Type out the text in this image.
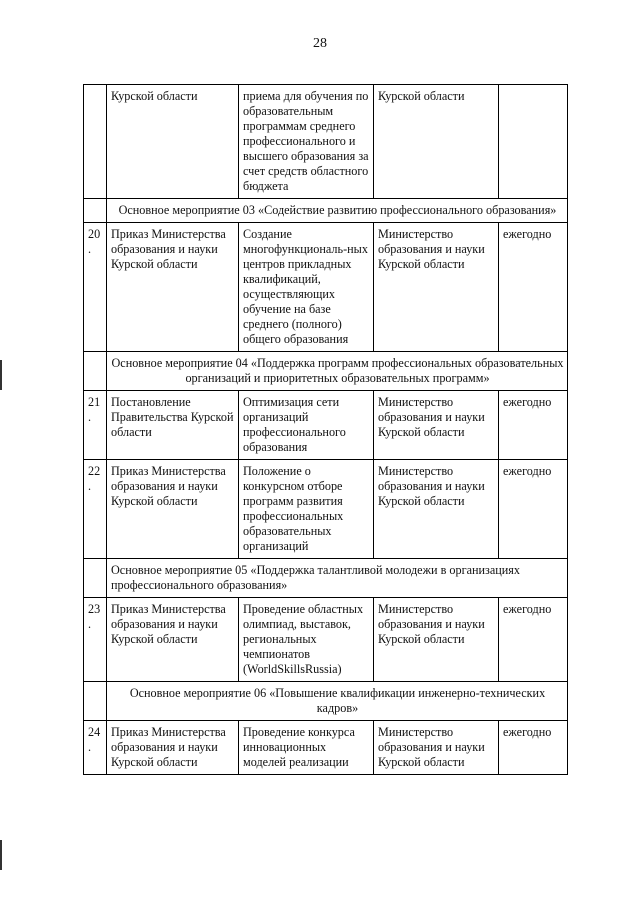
28
	Курской области	приема для обучения по образовательным программам среднего профессионального и высшего образования за счет средств областного бюджета	Курской области	
	Основное мероприятие 03 «Содействие развитию профессионального образования»			
20.	Приказ Министерства образования и науки Курской области	Создание многофункциональ-ных центров прикладных квалификаций, осуществляющих обучение на базе среднего (полного) общего образования	Министерство образования и науки Курской области	ежегодно
	Основное мероприятие 04 «Поддержка программ профессиональных образовательных организаций и приоритетных образовательных программ»			
21.	Постановление Правительства Курской области	Оптимизация сети организаций профессионального образования	Министерство образования и науки Курской области	ежегодно
22.	Приказ Министерства образования и науки Курской области	Положение о конкурсном отборе программ развития профессиональных образовательных организаций	Министерство образования и науки Курской области	ежегодно
	Основное мероприятие 05 «Поддержка талантливой молодежи в организациях профессионального образования»			
23.	Приказ Министерства образования и науки Курской области	Проведение областных олимпиад, выставок, региональных чемпионатов (WorldSkillsRussia)	Министерство образования и науки Курской области	ежегодно
	Основное мероприятие 06 «Повышение квалификации инженерно-технических кадров»			
24.	Приказ Министерства образования и науки Курской области	Проведение конкурса инновационных моделей реализации	Министерство образования и науки Курской области	ежегодно
